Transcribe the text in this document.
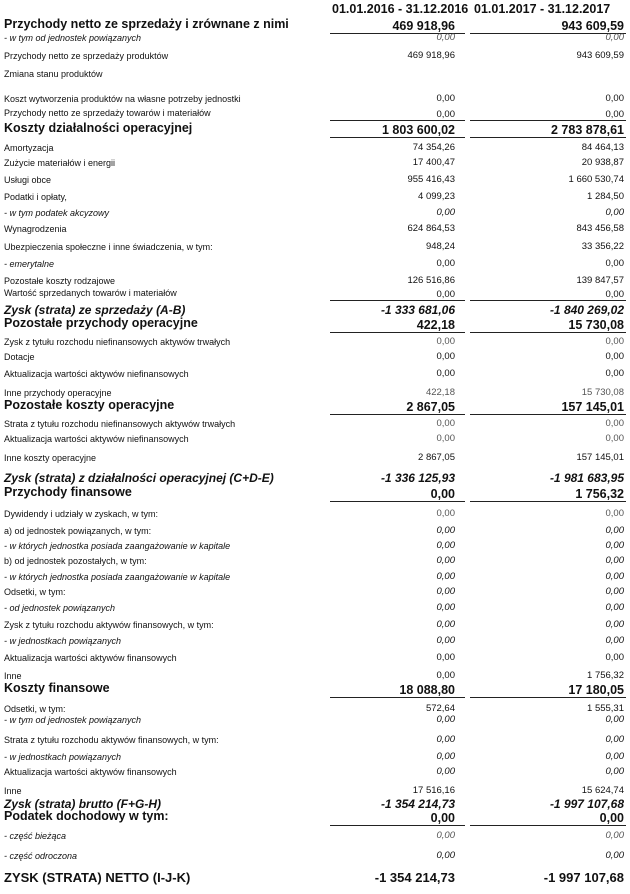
01.01.2016 - 31.12.2016 01.01.2017 - 31.12.2017
Przychody netto ze sprzedaży i zrównane z nimi	469 918,96	943 609,59
- w tym od jednostek powiązanych	0,00	0,00
Przychody netto ze sprzedaży produktów	469 918,96	943 609,59
Zmiana stanu produktów
Koszt wytworzenia produktów na własne potrzeby jednostki	0,00	0,00
Przychody netto ze sprzedaży towarów i materiałów	0,00	0,00
Koszty działalności operacyjnej	1 803 600,02	2 783 878,61
Amortyzacja	74 354,26	84 464,13
Zużycie materiałów i energii	17 400,47	20 938,87
Usługi obce	955 416,43	1 660 530,74
Podatki i opłaty,	4 099,23	1 284,50
- w tym podatek akcyzowy	0,00	0,00
Wynagrodzenia	624 864,53	843 456,58
Ubezpieczenia społeczne i inne świadczenia, w tym:	948,24	33 356,22
- emerytalne	0,00	0,00
Pozostałe koszty rodzajowe	126 516,86	139 847,57
Wartość sprzedanych towarów i materiałów	0,00	0,00
Zysk (strata) ze sprzedaży (A-B)	-1 333 681,06	-1 840 269,02
Pozostałe przychody operacyjne	422,18	15 730,08
Zysk z tytułu rozchodu niefinansowych aktywów trwałych	0,00	0,00
Dotacje	0,00	0,00
Aktualizacja wartości aktywów niefinansowych	0,00	0,00
Inne przychody operacyjne	422,18	15 730,08
Pozostałe koszty operacyjne	2 867,05	157 145,01
Strata z tytułu rozchodu niefinansowych aktywów trwałych	0,00	0,00
Aktualizacja wartości aktywów niefinansowych	0,00	0,00
Inne koszty operacyjne	2 867,05	157 145,01
Zysk (strata) z działalności operacyjnej (C+D-E)	-1 336 125,93	-1 981 683,95
Przychody finansowe	0,00	1 756,32
Dywidendy i udziały w zyskach, w tym:	0,00	0,00
a) od jednostek powiązanych, w tym:	0,00	0,00
- w których jednostka posiada zaangażowanie w kapitale	0,00	0,00
b) od jednostek pozostałych, w tym:	0,00	0,00
- w których jednostka posiada zaangażowanie w kapitale	0,00	0,00
Odsetki, w tym:	0,00	0,00
- od jednostek powiązanych	0,00	0,00
Zysk z tytułu rozchodu aktywów finansowych, w tym:	0,00	0,00
- w jednostkach powiązanych	0,00	0,00
Aktualizacja wartości aktywów finansowych	0,00	0,00
Inne	0,00	1 756,32
Koszty finansowe	18 088,80	17 180,05
Odsetki, w tym:	572,64	1 555,31
- w tym od jednostek powiązanych	0,00	0,00
Strata z tytułu rozchodu aktywów finansowych, w tym:	0,00	0,00
- w jednostkach powiązanych	0,00	0,00
Aktualizacja wartości aktywów finansowych	0,00	0,00
Inne	17 516,16	15 624,74
Zysk (strata) brutto (F+G-H)	-1 354 214,73	-1 997 107,68
Podatek dochodowy w tym:	0,00	0,00
- część bieżąca	0,00	0,00
- część odroczona	0,00	0,00
ZYSK (STRATA) NETTO (I-J-K)	-1 354 214,73	-1 997 107,68
